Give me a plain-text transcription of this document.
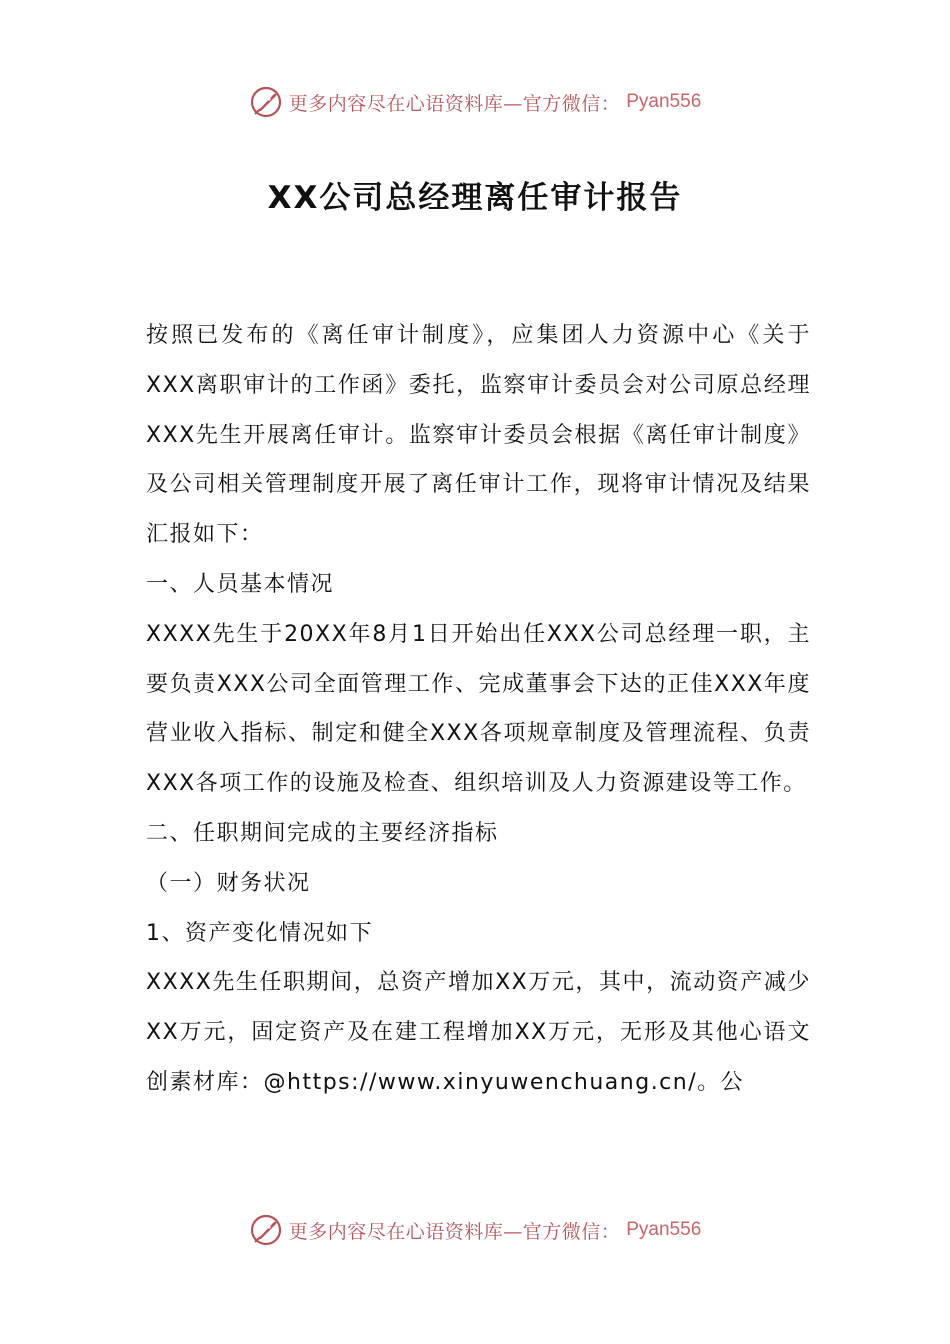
更多内容尽在心语资料库—官方微信： Pyan556
XX公司总经理离任审计报告

按照已发布的《离任审计制度》，应集团人力资源中心《关于XXX离职审计的工作函》委托，监察审计委员会对公司原总经理XXX先生开展离任审计。监察审计委员会根据《离任审计制度》及公司相关管理制度开展了离任审计工作，现将审计情况及结果汇报如下：

一、人员基本情况

XXXX先生于20XX年8月1日开始出任XXX公司总经理一职，主要负责XXX公司全面管理工作、完成董事会下达的正佳XXX年度营业收入指标、制定和健全XXX各项规章制度及管理流程、负责XXX各项工作的设施及检查、组织培训及人力资源建设等工作。

二、任职期间完成的主要经济指标

（一）财务状况

1、资产变化情况如下

XXXX先生任职期间，总资产增加XX万元，其中，流动资产减少XX万元，固定资产及在建工程增加XX万元，无形及其他心语文创素材库：@https://www.xinyuwenchuang.cn/。公

更多内容尽在心语资料库—官方微信： Pyan556
